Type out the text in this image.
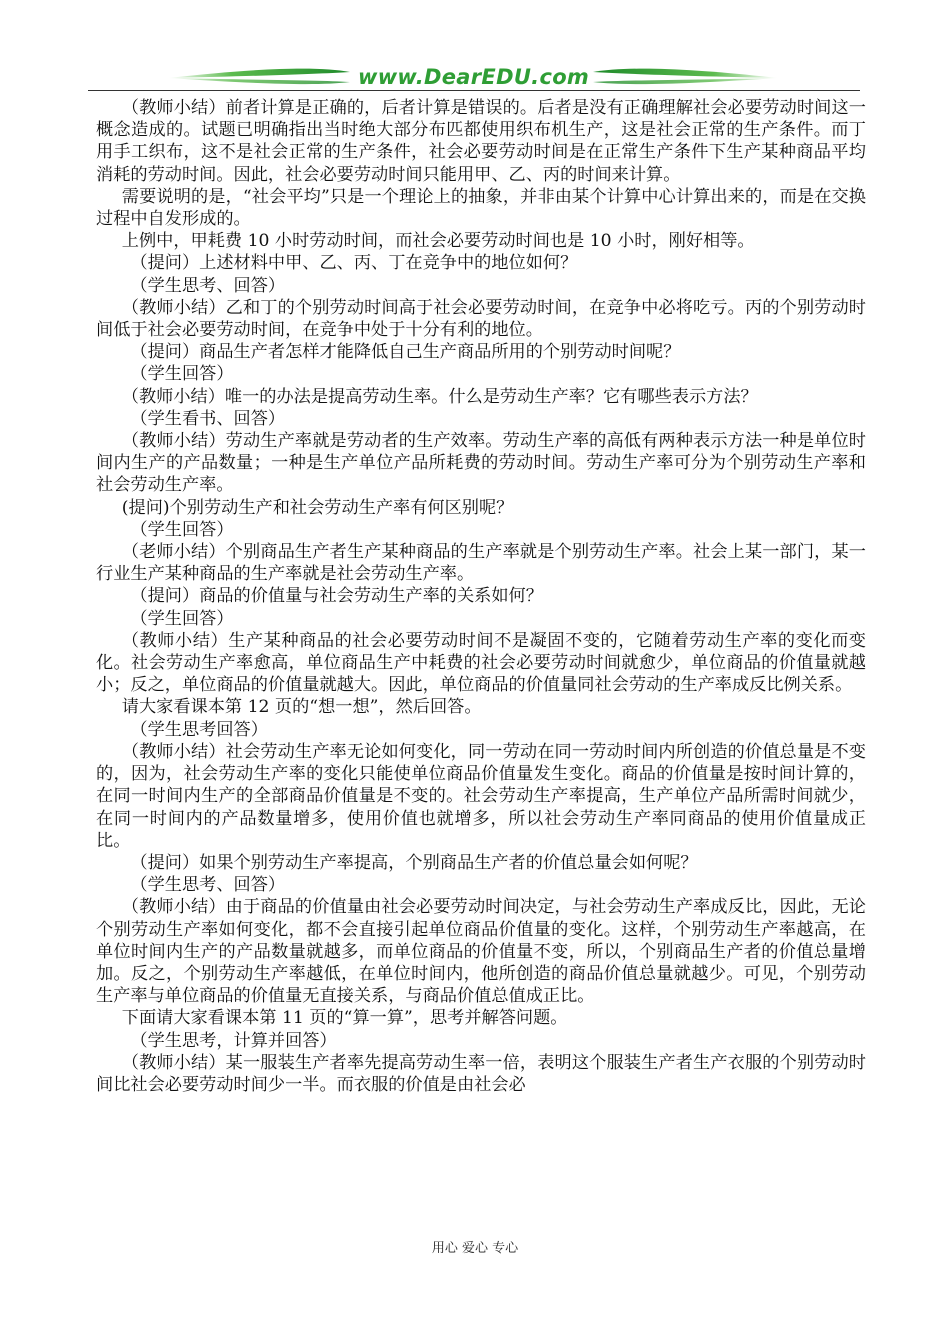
www.DearEDU.com

（教师小结）前者计算是正确的，后者计算是错误的。后者是没有正确理解社会必要劳动时间这一概念造成的。试题已明确指出当时绝大部分布匹都使用织布机生产，这是社会正常的生产条件。而丁用手工织布，这不是社会正常的生产条件，社会必要劳动时间是在正常生产条件下生产某种商品平均消耗的劳动时间。因此，社会必要劳动时间只能用甲、乙、丙的时间来计算。

需要说明的是，“社会平均”只是一个理论上的抽象，并非由某个计算中心计算出来的，而是在交换过程中自发形成的。

上例中，甲耗费 10 小时劳动时间，而社会必要劳动时间也是 10 小时，刚好相等。

（提问）上述材料中甲、乙、丙、丁在竞争中的地位如何？

（学生思考、回答）

（教师小结）乙和丁的个别劳动时间高于社会必要劳动时间，在竞争中必将吃亏。丙的个别劳动时间低于社会必要劳动时间，在竞争中处于十分有利的地位。

（提问）商品生产者怎样才能降低自己生产商品所用的个别劳动时间呢？

（学生回答）

（教师小结）唯一的办法是提高劳动生率。什么是劳动生产率？它有哪些表示方法？

（学生看书、回答）

（教师小结）劳动生产率就是劳动者的生产效率。劳动生产率的高低有两种表示方法一种是单位时间内生产的产品数量；一种是生产单位产品所耗费的劳动时间。劳动生产率可分为个别劳动生产率和社会劳动生产率。

(提问)个别劳动生产和社会劳动生产率有何区别呢？

（学生回答）

（老师小结）个别商品生产者生产某种商品的生产率就是个别劳动生产率。社会上某一部门，某一行业生产某种商品的生产率就是社会劳动生产率。

（提问）商品的价值量与社会劳动生产率的关系如何？

（学生回答）

（教师小结）生产某种商品的社会必要劳动时间不是凝固不变的，它随着劳动生产率的变化而变化。社会劳动生产率愈高，单位商品生产中耗费的社会必要劳动时间就愈少，单位商品的价值量就越小；反之，单位商品的价值量就越大。因此，单位商品的价值量同社会劳动的生产率成反比例关系。

请大家看课本第 12 页的“想一想”，然后回答。

（学生思考回答）

（教师小结）社会劳动生产率无论如何变化，同一劳动在同一劳动时间内所创造的价值总量是不变的，因为，社会劳动生产率的变化只能使单位商品价值量发生变化。商品的价值量是按时间计算的，在同一时间内生产的全部商品价值量是不变的。社会劳动生产率提高，生产单位产品所需时间就少，在同一时间内的产品数量增多，使用价值也就增多，所以社会劳动生产率同商品的使用价值量成正比。

（提问）如果个别劳动生产率提高，个别商品生产者的价值总量会如何呢？

（学生思考、回答）

（教师小结）由于商品的价值量由社会必要劳动时间决定，与社会劳动生产率成反比，因此，无论个别劳动生产率如何变化，都不会直接引起单位商品价值量的变化。这样，个别劳动生产率越高，在单位时间内生产的产品数量就越多，而单位商品的价值量不变，所以，个别商品生产者的价值总量增加。反之，个别劳动生产率越低，在单位时间内，他所创造的商品价值总量就越少。可见，个别劳动生产率与单位商品的价值量无直接关系，与商品价值总值成正比。

下面请大家看课本第 11 页的“算一算”，思考并解答问题。

（学生思考，计算并回答）

（教师小结）某一服装生产者率先提高劳动生率一倍，表明这个服装生产者生产衣服的个别劳动时间比社会必要劳动时间少一半。而衣服的价值是由社会必

用心 爱心 专心
